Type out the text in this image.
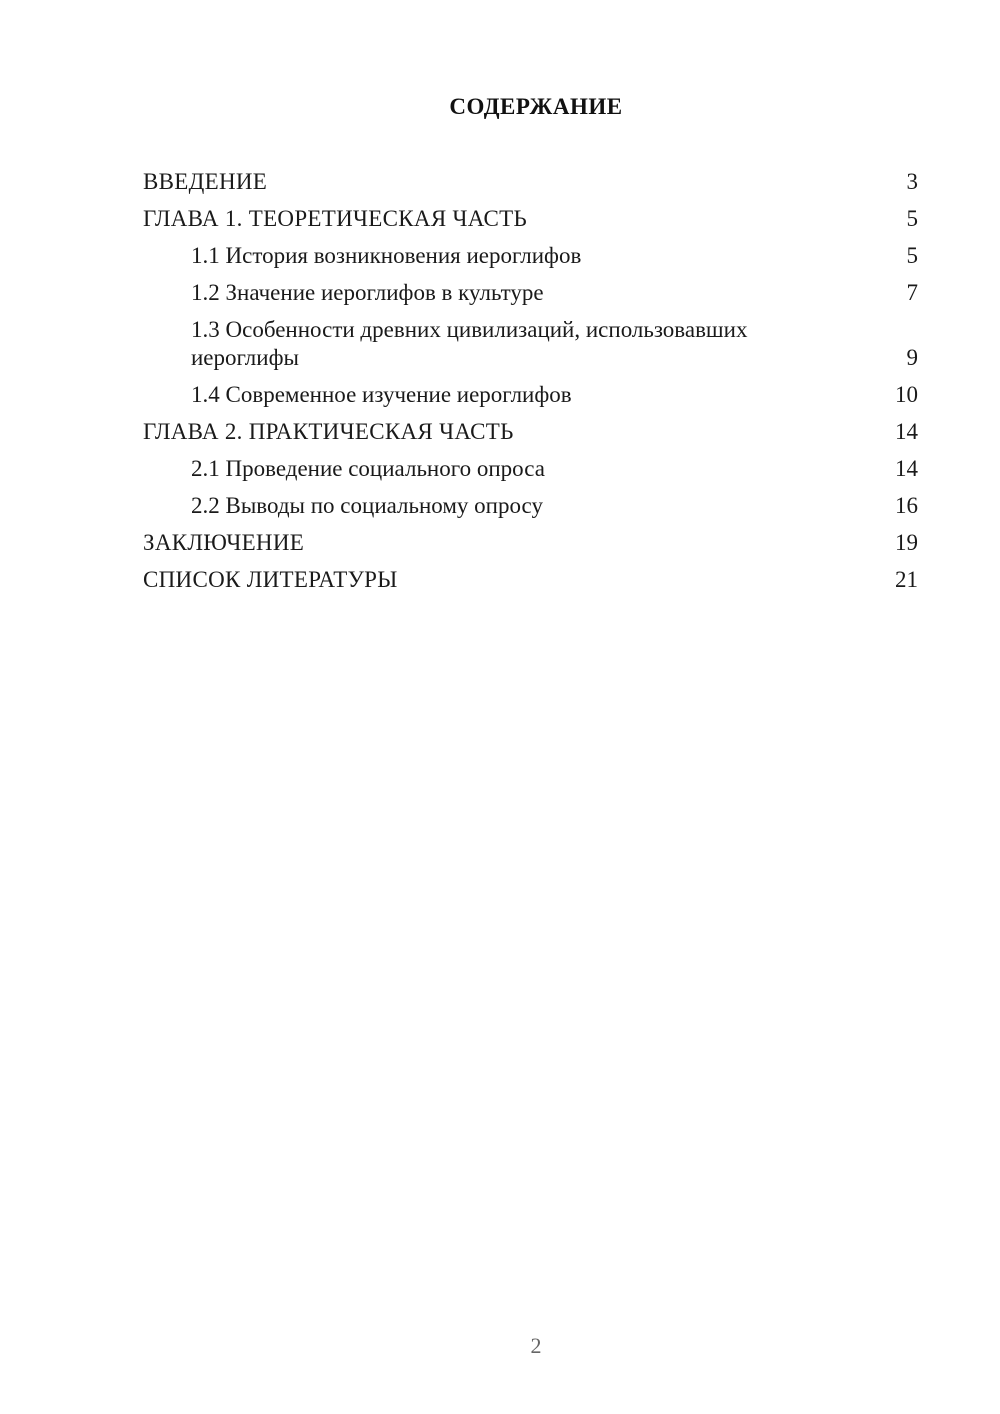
СОДЕРЖАНИЕ
ВВЕДЕНИЕ	3
ГЛАВА 1. ТЕОРЕТИЧЕСКАЯ ЧАСТЬ	5
1.1 История возникновения иероглифов	5
1.2 Значение иероглифов в культуре	7
1.3 Особенности древних цивилизаций, использовавших иероглифы	9
1.4 Современное изучение иероглифов	10
ГЛАВА 2. ПРАКТИЧЕСКАЯ ЧАСТЬ	14
2.1 Проведение социального опроса	14
2.2 Выводы по социальному опросу	16
ЗАКЛЮЧЕНИЕ	19
СПИСОК ЛИТЕРАТУРЫ	21
2
